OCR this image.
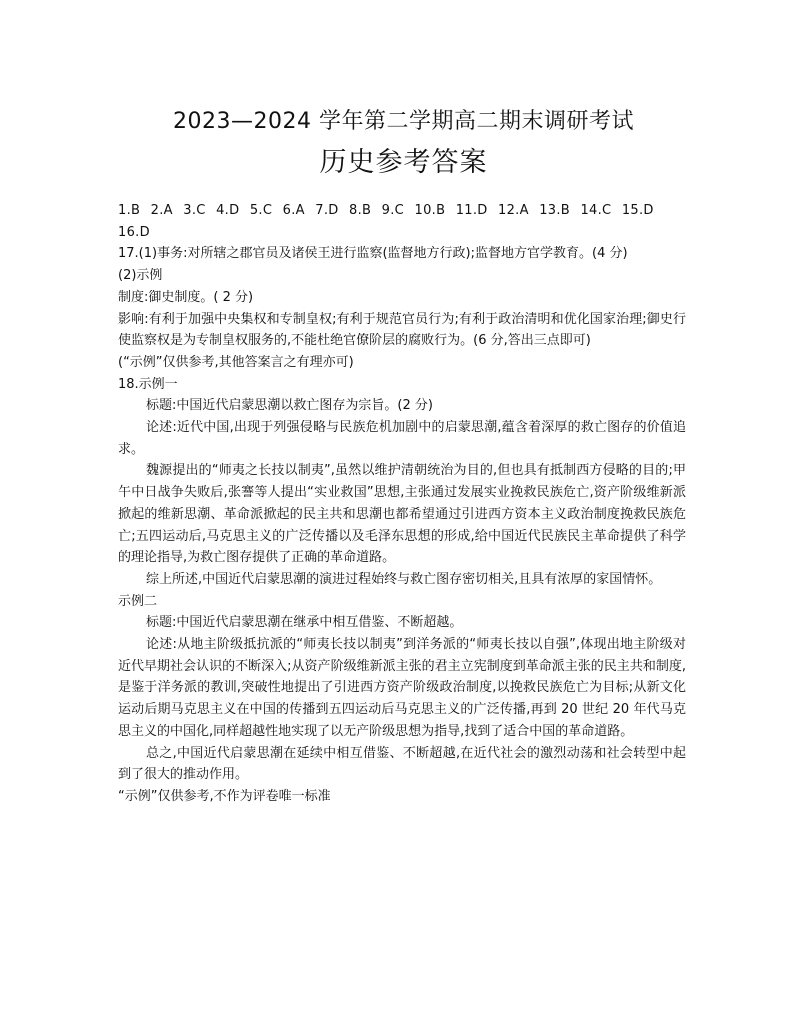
2023—2024 学年第二学期高二期末调研考试
历史参考答案

1.B 2.A 3.C 4.D 5.C 6.A 7.D 8.B 9.C 10.B 11.D 12.A 13.B 14.C 15.D

16.D

17.(1)事务:对所辖之郡官员及诸侯王进行监察(监督地方行政);监督地方官学教育。(4 分)

(2)示例

制度:御史制度。( 2 分)

影响:有利于加强中央集权和专制皇权;有利于规范官员行为;有利于政治清明和优化国家治理;御史行使监察权是为专制皇权服务的,不能杜绝官僚阶层的腐败行为。(6 分,答出三点即可)

(“示例”仅供参考,其他答案言之有理亦可)

18.示例一

标题:中国近代启蒙思潮以救亡图存为宗旨。(2 分)

论述:近代中国,出现于列强侵略与民族危机加剧中的启蒙思潮,蕴含着深厚的救亡图存的价值追求。

魏源提出的“师夷之长技以制夷”,虽然以维护清朝统治为目的,但也具有抵制西方侵略的目的;甲午中日战争失败后,张謇等人提出“实业救国”思想,主张通过发展实业挽救民族危亡,资产阶级维新派掀起的维新思潮、革命派掀起的民主共和思潮也都希望通过引进西方资本主义政治制度挽救民族危亡;五四运动后,马克思主义的广泛传播以及毛泽东思想的形成,给中国近代民族民主革命提供了科学的理论指导,为救亡图存提供了正确的革命道路。

综上所述,中国近代启蒙思潮的演进过程始终与救亡图存密切相关,且具有浓厚的家国情怀。

示例二

标题:中国近代启蒙思潮在继承中相互借鉴、不断超越。

论述:从地主阶级抵抗派的“师夷长技以制夷”到洋务派的“师夷长技以自强”,体现出地主阶级对近代早期社会认识的不断深入;从资产阶级维新派主张的君主立宪制度到革命派主张的民主共和制度,是鉴于洋务派的教训,突破性地提出了引进西方资产阶级政治制度,以挽救民族危亡为目标;从新文化运动后期马克思主义在中国的传播到五四运动后马克思主义的广泛传播,再到 20 世纪 20 年代马克思主义的中国化,同样超越性地实现了以无产阶级思想为指导,找到了适合中国的革命道路。

总之,中国近代启蒙思潮在延续中相互借鉴、不断超越,在近代社会的激烈动荡和社会转型中起到了很大的推动作用。

“示例”仅供参考,不作为评卷唯一标准
